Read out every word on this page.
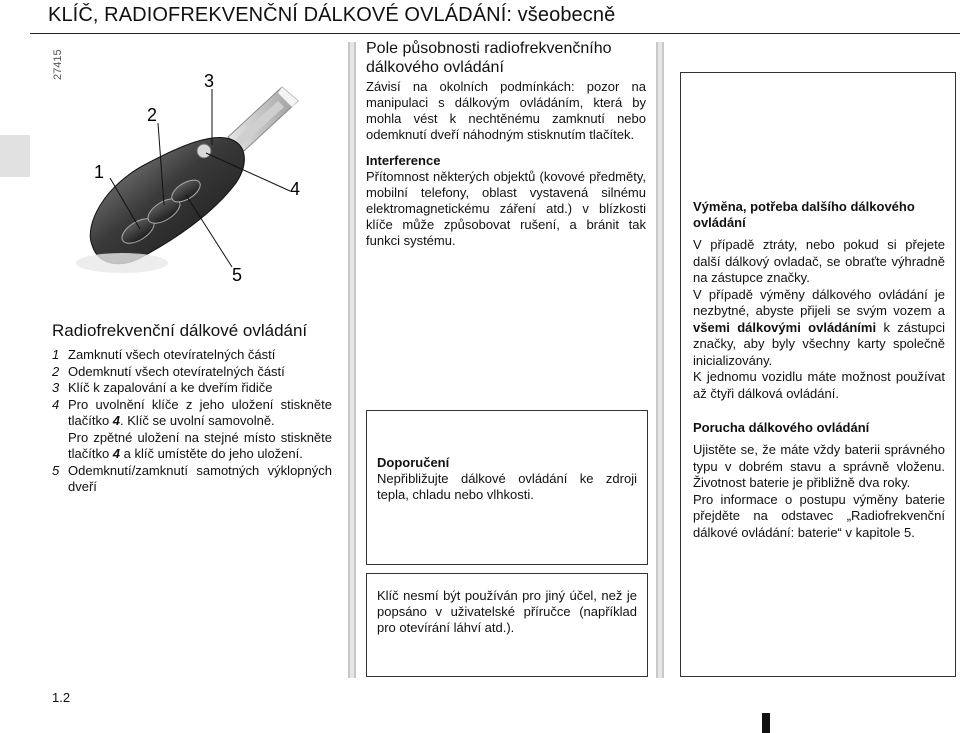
KLÍČ, RADIOFREKVENČNÍ DÁLKOVÉ OVLÁDÁNÍ: všeobecně
27415
1
2
3
4
5
Radiofrekvenční dálkové ovládání
1 Zamknutí všech otevíratelných částí
2 Odemknutí všech otevíratelných částí
3 Klíč k zapalování a ke dveřím řidiče
4 Pro uvolnění klíče z jeho uložení stiskněte tlačítko 4. Klíč se uvolní samovolně.
Pro zpětné uložení na stejné místo stiskněte tlačítko 4 a klíč umístěte do jeho uložení.
5 Odemknutí/zamknutí samotných výklopných dveří
Pole působnosti radiofrekvenčního dálkového ovládání

Závisí na okolních podmínkách: pozor na manipulaci s dálkovým ovládáním, která by mohla vést k nechtěnému zamknutí nebo odemknutí dveří náhodným stisknutím tlačítek.

Interference

Přítomnost některých objektů (kovové předměty, mobilní telefony, oblast vystavená silnému elektromagnetickému záření atd.) v blízkosti klíče může způsobovat rušení, a bránit tak funkci systému.

Doporučení

Nepřibližujte dálkové ovládání ke zdroji tepla, chladu nebo vlhkosti.

Klíč nesmí být používán pro jiný účel, než je popsáno v uživatelské příručce (například pro otevírání láhví atd.).

Výměna, potřeba dalšího dálkového ovládání

V případě ztráty, nebo pokud si přejete další dálkový ovladač, se obraťte výhradně na zástupce značky.

V případě výměny dálkového ovládání je nezbytné, abyste přijeli se svým vozem a všemi dálkovými ovládáními k zástupci značky, aby byly všechny karty společně inicializovány.

K jednomu vozidlu máte možnost používat až čtyři dálková ovládání.

Porucha dálkového ovládání

Ujistěte se, že máte vždy baterii správného typu v dobrém stavu a správně vloženu. Životnost baterie je přibližně dva roky.

Pro informace o postupu výměny baterie přejděte na odstavec „Radiofrekvenční dálkové ovládání: baterie“ v kapitole 5.

1.2
